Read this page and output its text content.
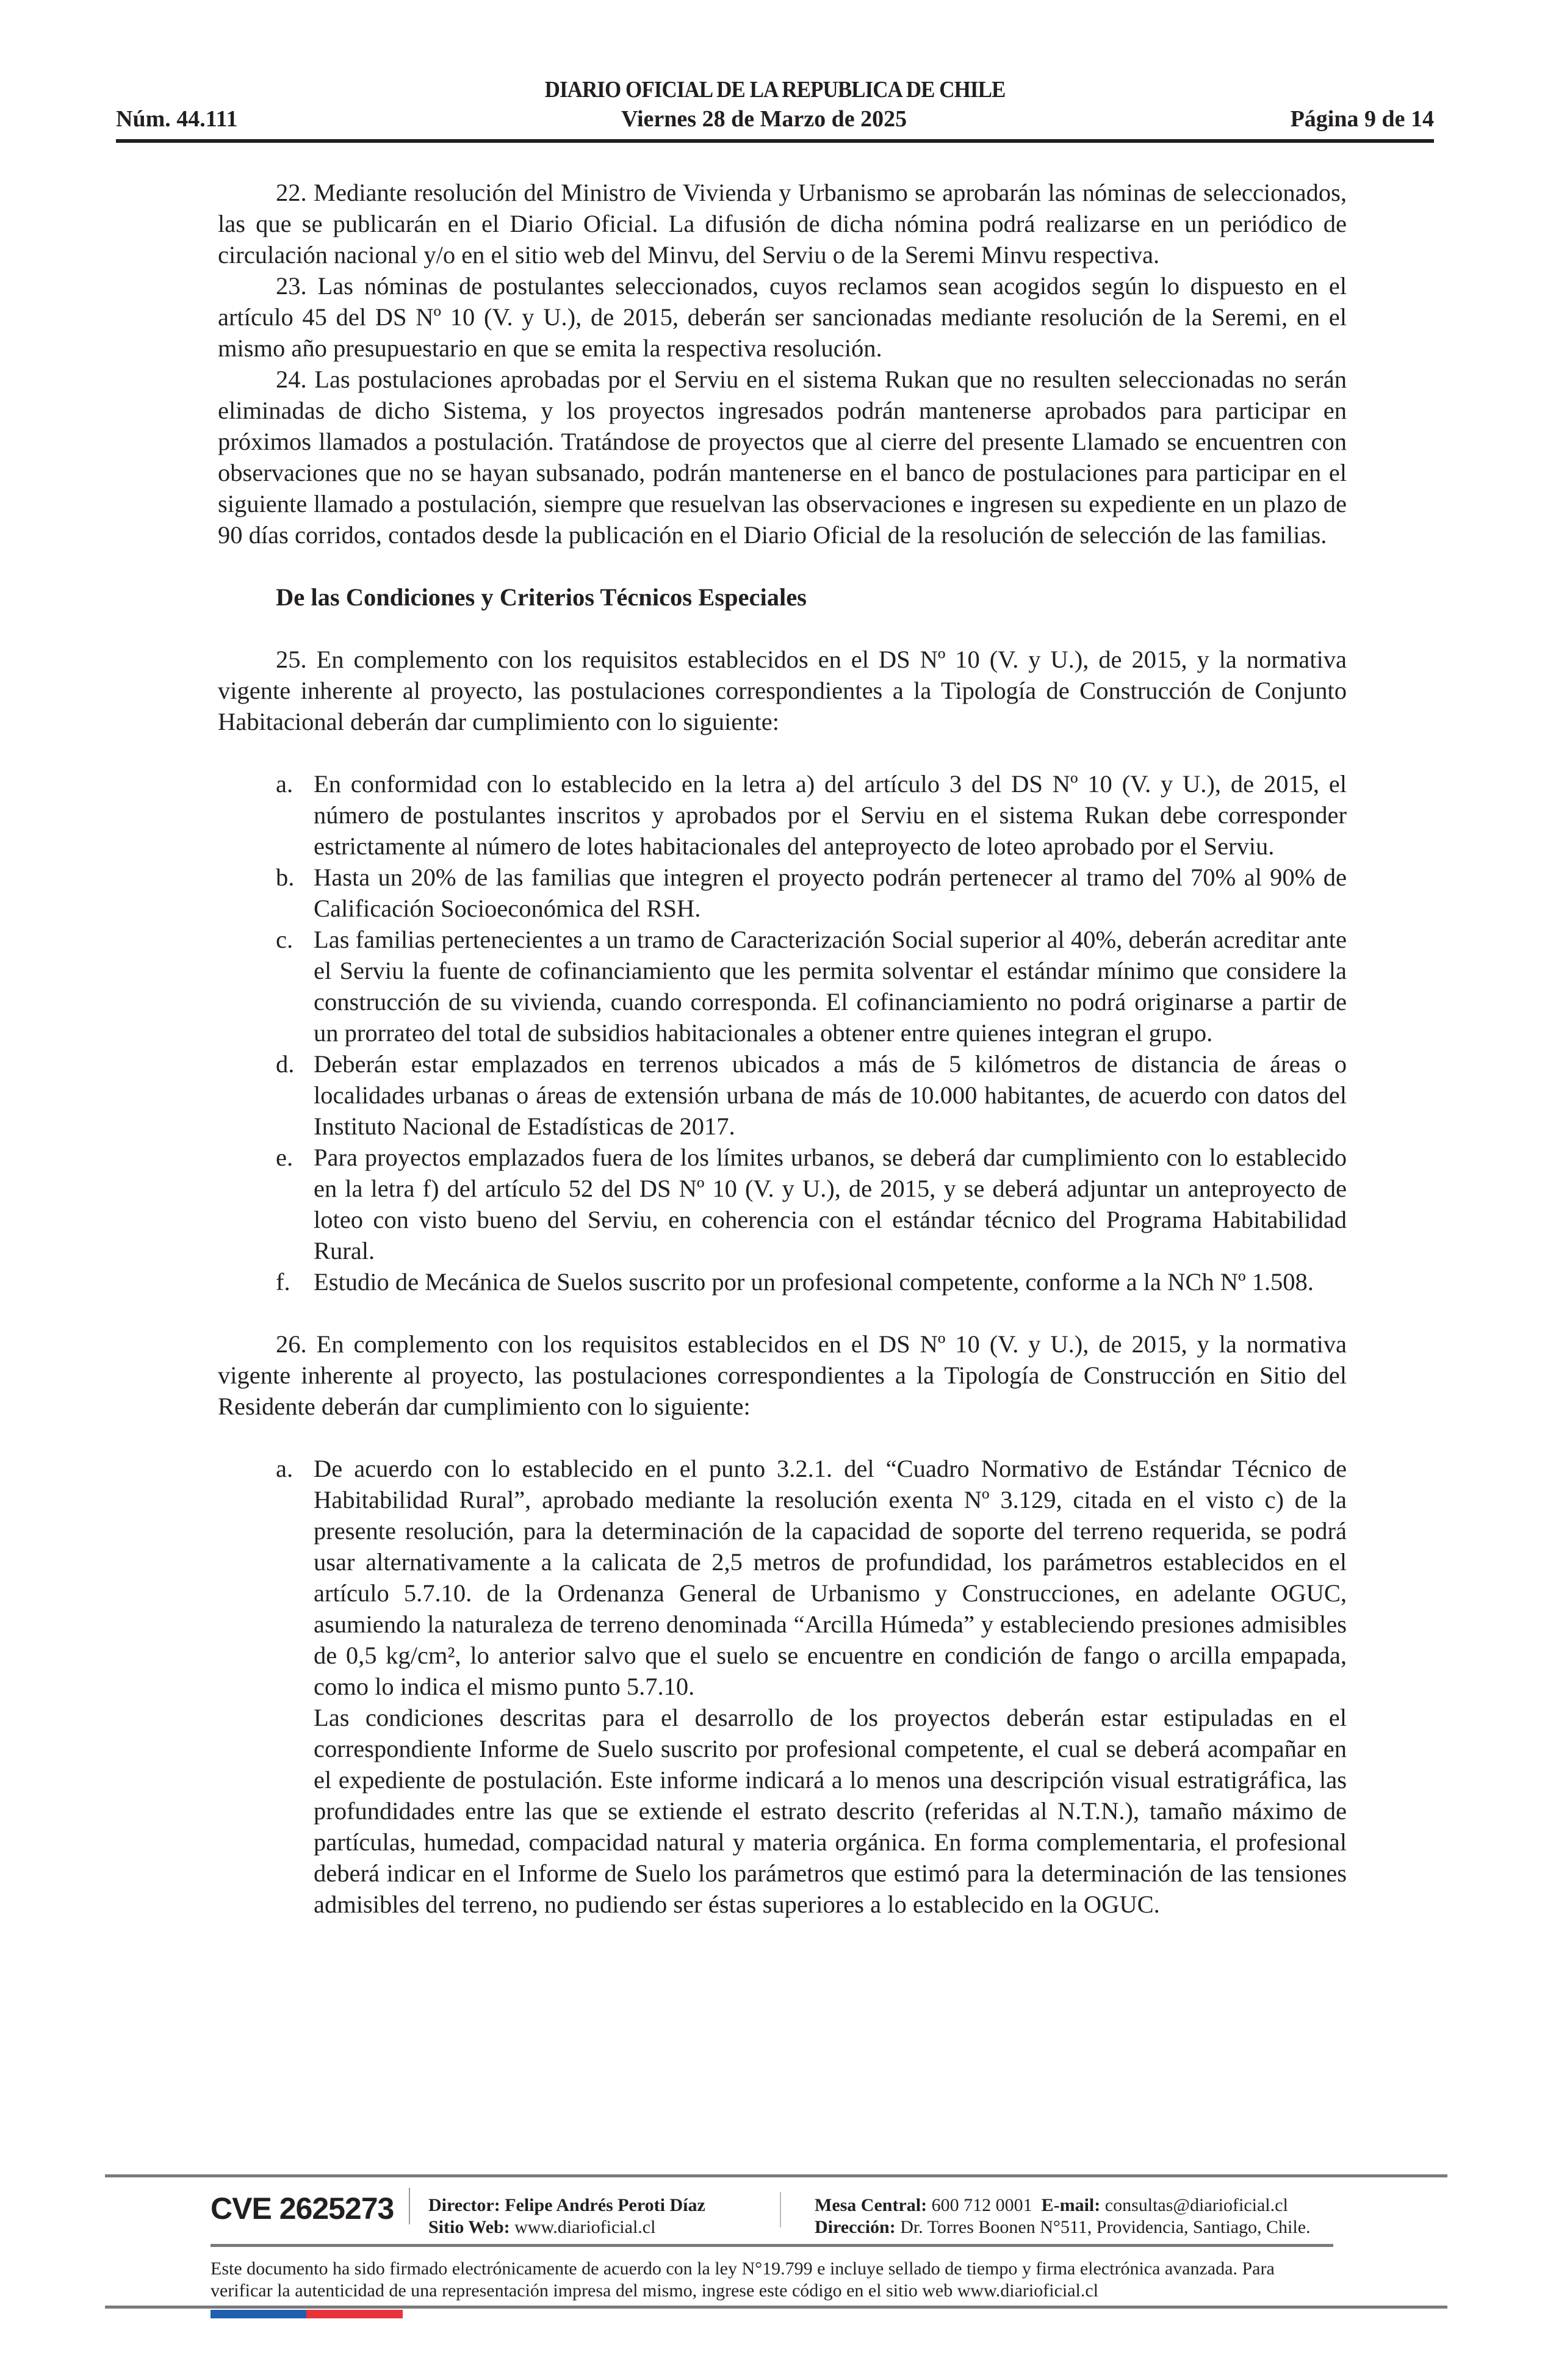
DIARIO OFICIAL DE LA REPUBLICA DE CHILE
Núm. 44.111	Viernes 28 de Marzo de 2025	Página 9 de 14

22. Mediante resolución del Ministro de Vivienda y Urbanismo se aprobarán las nóminas de seleccionados, las que se publicarán en el Diario Oficial. La difusión de dicha nómina podrá realizarse en un periódico de circulación nacional y/o en el sitio web del Minvu, del Serviu o de la Seremi Minvu respectiva.

23. Las nóminas de postulantes seleccionados, cuyos reclamos sean acogidos según lo dispuesto en el artículo 45 del DS Nº 10 (V. y U.), de 2015, deberán ser sancionadas mediante resolución de la Seremi, en el mismo año presupuestario en que se emita la respectiva resolución.

24. Las postulaciones aprobadas por el Serviu en el sistema Rukan que no resulten seleccionadas no serán eliminadas de dicho Sistema, y los proyectos ingresados podrán mantenerse aprobados para participar en próximos llamados a postulación. Tratándose de proyectos que al cierre del presente Llamado se encuentren con observaciones que no se hayan subsanado, podrán mantenerse en el banco de postulaciones para participar en el siguiente llamado a postulación, siempre que resuelvan las observaciones e ingresen su expediente en un plazo de 90 días corridos, contados desde la publicación en el Diario Oficial de la resolución de selección de las familias.

De las Condiciones y Criterios Técnicos Especiales

25. En complemento con los requisitos establecidos en el DS Nº 10 (V. y U.), de 2015, y la normativa vigente inherente al proyecto, las postulaciones correspondientes a la Tipología de Construcción de Conjunto Habitacional deberán dar cumplimiento con lo siguiente:

a. En conformidad con lo establecido en la letra a) del artículo 3 del DS Nº 10 (V. y U.), de 2015, el número de postulantes inscritos y aprobados por el Serviu en el sistema Rukan debe corresponder estrictamente al número de lotes habitacionales del anteproyecto de loteo aprobado por el Serviu.
b. Hasta un 20% de las familias que integren el proyecto podrán pertenecer al tramo del 70% al 90% de Calificación Socioeconómica del RSH.
c. Las familias pertenecientes a un tramo de Caracterización Social superior al 40%, deberán acreditar ante el Serviu la fuente de cofinanciamiento que les permita solventar el estándar mínimo que considere la construcción de su vivienda, cuando corresponda. El cofinanciamiento no podrá originarse a partir de un prorrateo del total de subsidios habitacionales a obtener entre quienes integran el grupo.
d. Deberán estar emplazados en terrenos ubicados a más de 5 kilómetros de distancia de áreas o localidades urbanas o áreas de extensión urbana de más de 10.000 habitantes, de acuerdo con datos del Instituto Nacional de Estadísticas de 2017.
e. Para proyectos emplazados fuera de los límites urbanos, se deberá dar cumplimiento con lo establecido en la letra f) del artículo 52 del DS Nº 10 (V. y U.), de 2015, y se deberá adjuntar un anteproyecto de loteo con visto bueno del Serviu, en coherencia con el estándar técnico del Programa Habitabilidad Rural.
f. Estudio de Mecánica de Suelos suscrito por un profesional competente, conforme a la NCh Nº 1.508.

26. En complemento con los requisitos establecidos en el DS Nº 10 (V. y U.), de 2015, y la normativa vigente inherente al proyecto, las postulaciones correspondientes a la Tipología de Construcción en Sitio del Residente deberán dar cumplimiento con lo siguiente:

a. De acuerdo con lo establecido en el punto 3.2.1. del “Cuadro Normativo de Estándar Técnico de Habitabilidad Rural”, aprobado mediante la resolución exenta Nº 3.129, citada en el visto c) de la presente resolución, para la determinación de la capacidad de soporte del terreno requerida, se podrá usar alternativamente a la calicata de 2,5 metros de profundidad, los parámetros establecidos en el artículo 5.7.10. de la Ordenanza General de Urbanismo y Construcciones, en adelante OGUC, asumiendo la naturaleza de terreno denominada “Arcilla Húmeda” y estableciendo presiones admisibles de 0,5 kg/cm², lo anterior salvo que el suelo se encuentre en condición de fango o arcilla empapada, como lo indica el mismo punto 5.7.10.

Las condiciones descritas para el desarrollo de los proyectos deberán estar estipuladas en el correspondiente Informe de Suelo suscrito por profesional competente, el cual se deberá acompañar en el expediente de postulación. Este informe indicará a lo menos una descripción visual estratigráfica, las profundidades entre las que se extiende el estrato descrito (referidas al N.T.N.), tamaño máximo de partículas, humedad, compacidad natural y materia orgánica. En forma complementaria, el profesional deberá indicar en el Informe de Suelo los parámetros que estimó para la determinación de las tensiones admisibles del terreno, no pudiendo ser éstas superiores a lo establecido en la OGUC.

CVE 2625273 Director: Felipe Andrés Peroti Díaz
Sitio Web: www.diarioficial.cl
Mesa Central: 600 712 0001 E-mail: consultas@diarioficial.cl
Dirección: Dr. Torres Boonen N°511, Providencia, Santiago, Chile.
Este documento ha sido firmado electrónicamente de acuerdo con la ley N°19.799 e incluye sellado de tiempo y firma electrónica avanzada. Para verificar la autenticidad de una representación impresa del mismo, ingrese este código en el sitio web www.diarioficial.cl
